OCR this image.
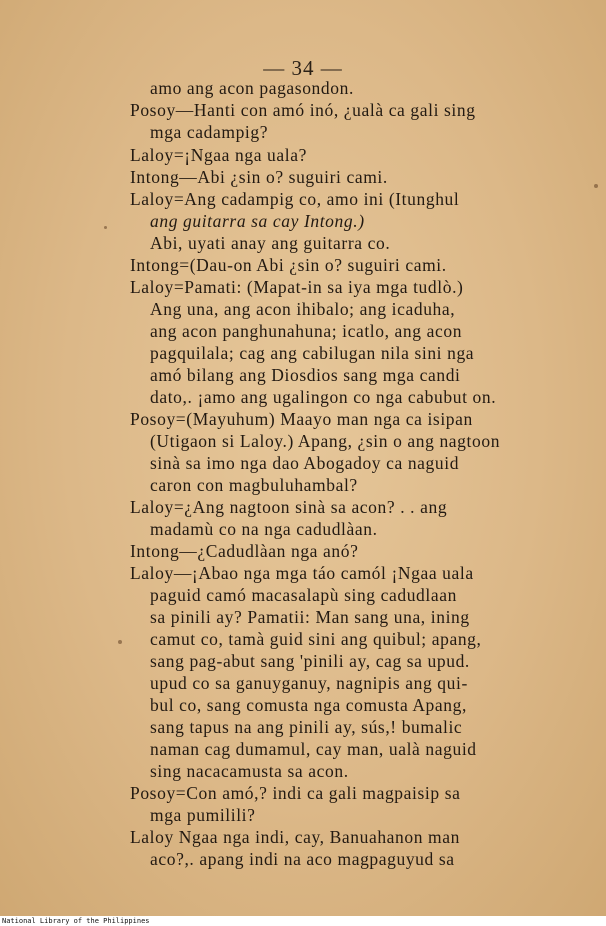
— 34 —
amo ang acon pagasondon.
Posoy—Hanti con amó inó, ¿ualà ca gali sing
mga cadampig?
Laloy=¡Ngaa nga uala?
Intong—Abi ¿sin o? suguiri cami.
Laloy=Ang cadampig co, amo ini (Itunghul
ang guitarra sa cay Intong.)
Abi, uyati anay ang guitarra co.
Intong=(Dau-on Abi ¿sin o? suguiri cami.
Laloy=Pamati: (Mapat-in sa iya mga tudlò.)
Ang una, ang acon ihibalo; ang icaduha,
ang acon panghunahuna; icatlo, ang acon
pagquilala; cag ang cabilugan nila sini nga
amó bilang ang Diosdios sang mga candi
dato,. ¡amo ang ugalingon co nga cabubut on.
Posoy=(Mayuhum) Maayo man nga ca isipan
(Utigaon si Laloy.) Apang, ¿sin o ang nagtoon
sinà sa imo nga dao Abogadoy ca naguid
caron con magbuluhambal?
Laloy=¿Ang nagtoon sinà sa acon? . . ang
madamù co na nga cadudlàan.
Intong—¿Cadudlàan nga anó?
Laloy—¡Abao nga mga táo camól ¡Ngaa uala
paguid camó macasalapù sing cadudlaan
sa pinili ay? Pamatii: Man sang una, ining
camut co, tamà guid sini ang quibul; apang,
sang pag-abut sang 'pinili ay, cag sa upud.
upud co sa ganuyganuy, nagnipis ang qui-
bul co, sang comusta nga comusta Apang,
sang tapus na ang pinili ay, sús,! bumalic
naman cag dumamul, cay man, ualà naguid
sing nacacamusta sa acon.
Posoy=Con amó,? indi ca gali magpaisip sa
mga pumilili?
Laloy Ngaa nga indi, cay, Banuahanon man
aco?,. apang indi na aco magpaguyud sa
National Library of the Philippines
